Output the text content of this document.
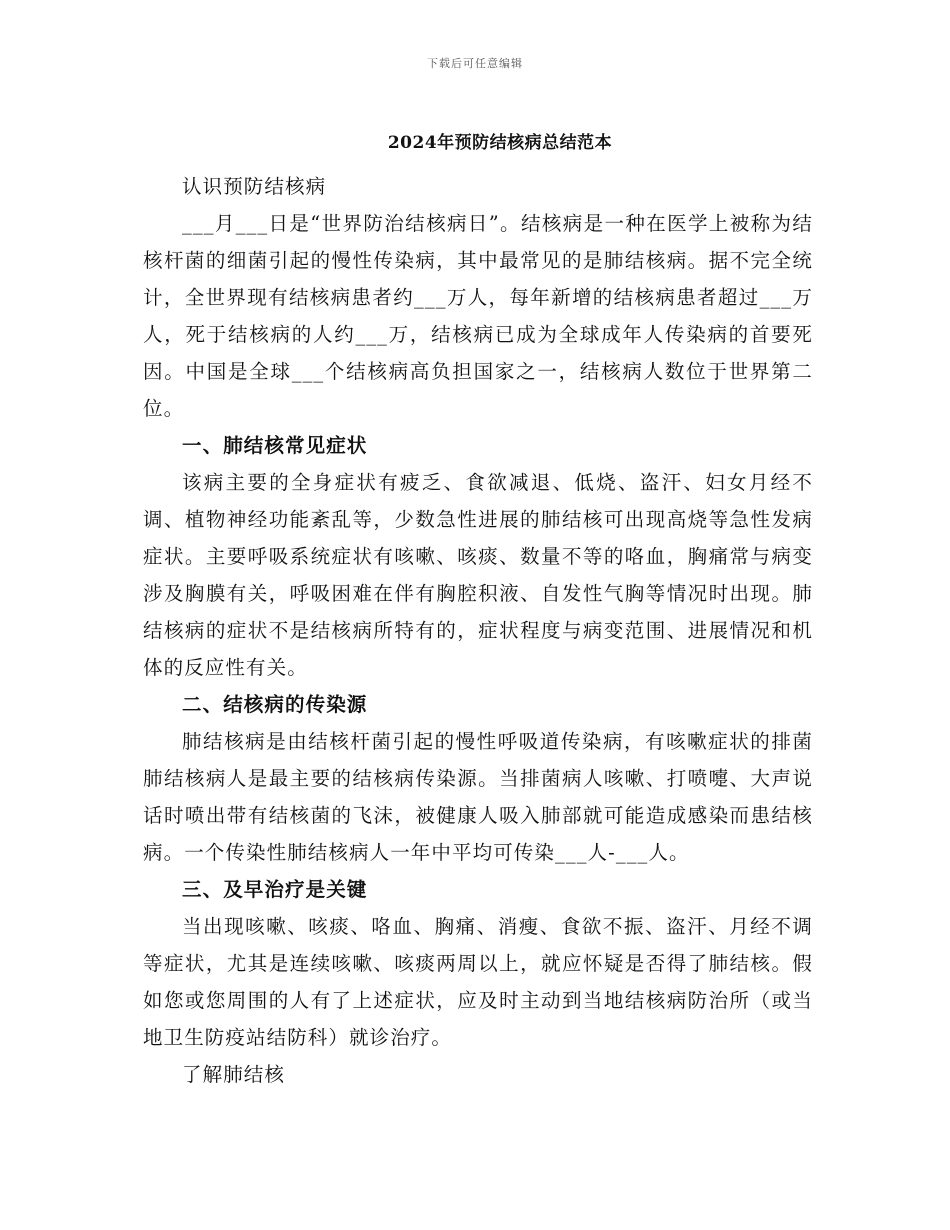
下载后可任意编辑
2024年预防结核病总结范本

认识预防结核病

___月___日是“世界防治结核病日”。结核病是一种在医学上被称为结核杆菌的细菌引起的慢性传染病，其中最常见的是肺结核病。据不完全统计，全世界现有结核病患者约___万人，每年新增的结核病患者超过___万人，死于结核病的人约___万，结核病已成为全球成年人传染病的首要死因。中国是全球___个结核病高负担国家之一，结核病人数位于世界第二位。

一、肺结核常见症状

该病主要的全身症状有疲乏、食欲减退、低烧、盗汗、妇女月经不调、植物神经功能紊乱等，少数急性进展的肺结核可出现高烧等急性发病症状。主要呼吸系统症状有咳嗽、咳痰、数量不等的咯血，胸痛常与病变涉及胸膜有关，呼吸困难在伴有胸腔积液、自发性气胸等情况时出现。肺结核病的症状不是结核病所特有的，症状程度与病变范围、进展情况和机体的反应性有关。

二、结核病的传染源

肺结核病是由结核杆菌引起的慢性呼吸道传染病，有咳嗽症状的排菌肺结核病人是最主要的结核病传染源。当排菌病人咳嗽、打喷嚏、大声说话时喷出带有结核菌的飞沫，被健康人吸入肺部就可能造成感染而患结核病。一个传染性肺结核病人一年中平均可传染___人-___人。

三、及早治疗是关键

当出现咳嗽、咳痰、咯血、胸痛、消瘦、食欲不振、盗汗、月经不调等症状，尤其是连续咳嗽、咳痰两周以上，就应怀疑是否得了肺结核。假如您或您周围的人有了上述症状，应及时主动到当地结核病防治所（或当地卫生防疫站结防科）就诊治疗。

了解肺结核
